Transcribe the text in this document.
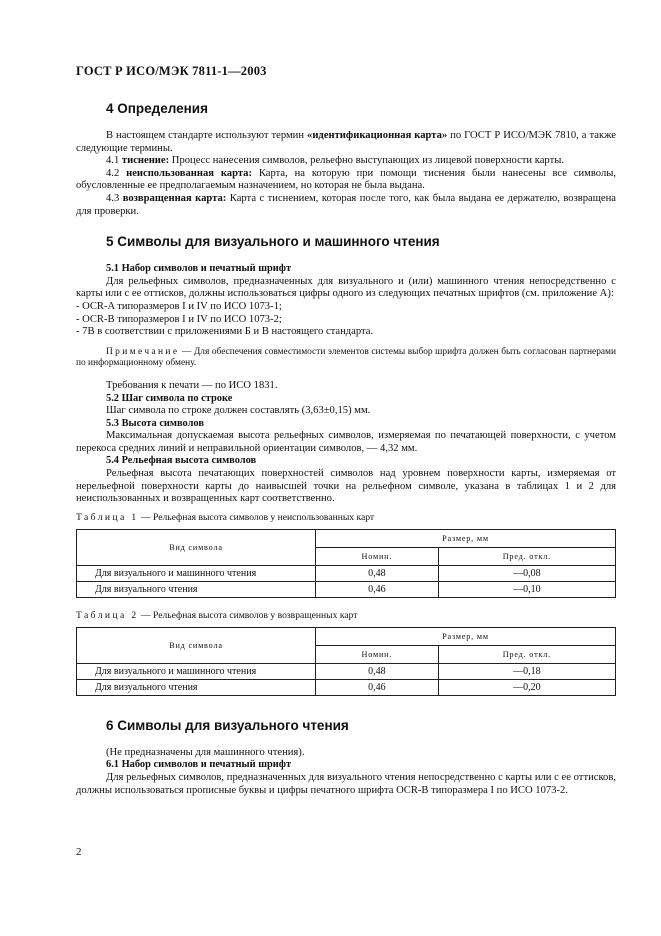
ГОСТ Р ИСО/МЭК 7811-1—2003
4 Определения

В настоящем стандарте используют термин «идентификационная карта» по ГОСТ Р ИСО/МЭК 7810, а также следующие термины.

4.1 тиснение: Процесс нанесения символов, рельефно выступающих из лицевой поверхности карты.

4.2 неиспользованная карта: Карта, на которую при помощи тиснения были нанесены все символы, обусловленные ее предполагаемым назначением, но которая не была выдана.

4.3 возвращенная карта: Карта с тиснением, которая после того, как была выдана ее держателю, возвращена для проверки.

5 Символы для визуального и машинного чтения
5.1 Набор символов и печатный шрифт

Для рельефных символов, предназначенных для визуального и (или) машинного чтения непосредственно с карты или с ее оттисков, должны использоваться цифры одного из следующих печатных шрифтов (см. приложение А):

- OCR-A типоразмеров I и IV по ИСО 1073-1;

- OCR-B типоразмеров I и IV по ИСО 1073-2;

- 7B в соответствии с приложениями Б и В настоящего стандарта.

Примечание — Для обеспечения совместимости элементов системы выбор шрифта должен быть согласован партнерами по информационному обмену.

Требования к печати — по ИСО 1831.

5.2 Шаг символа по строке

Шаг символа по строке должен составлять (3,63±0,15) мм.

5.3 Высота символов

Максимальная допускаемая высота рельефных символов, измеряемая по печатающей поверхности, с учетом перекоса средних линий и неправильной ориентации символов, — 4,32 мм.

5.4 Рельефная высота символов

Рельефная высота печатающих поверхностей символов над уровнем поверхности карты, измеряемая от нерельефной поверхности карты до наивысшей точки на рельефном символе, указана в таблицах 1 и 2 для неиспользованных и возвращенных карт соответственно.

Таблица 1 — Рельефная высота символов у неиспользованных карт

Вид символа	Размер, мм	
	Номин.	Пред. откл.
Для визуального и машинного чтения	0,48	—0,08
Для визуального чтения	0,46	—0,10

Таблица 2 — Рельефная высота символов у возвращенных карт

Вид символа	Размер, мм	
	Номин.	Пред. откл.
Для визуального и машинного чтения	0,48	—0,18
Для визуального чтения	0,46	—0,20
6 Символы для визуального чтения

(Не предназначены для машинного чтения).

6.1 Набор символов и печатный шрифт

Для рельефных символов, предназначенных для визуального чтения непосредственно с карты или с ее оттисков, должны использоваться прописные буквы и цифры печатного шрифта OCR-B типоразмера I по ИСО 1073-2.

2
